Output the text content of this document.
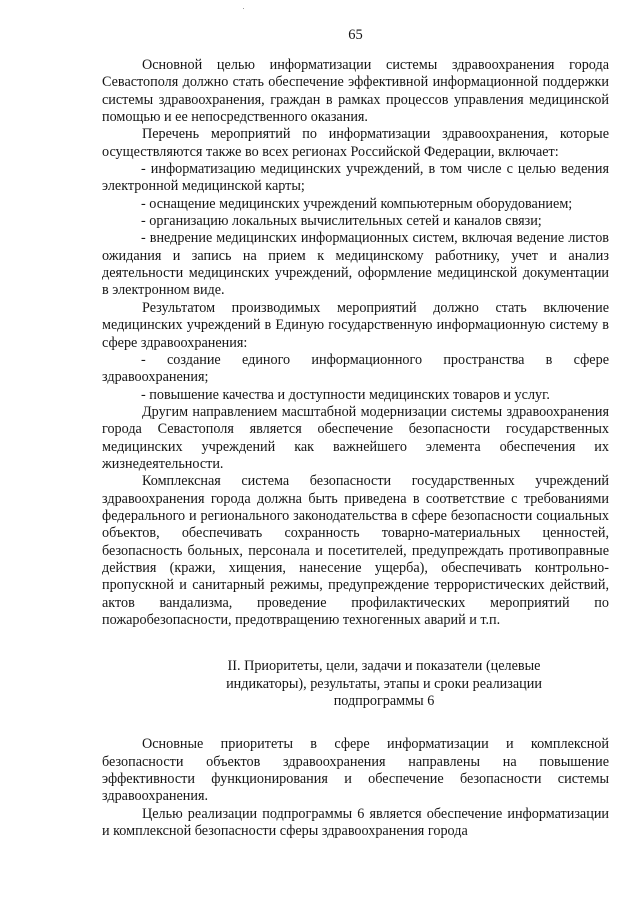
65

Основной целью информатизации системы здравоохранения города Севастополя должно стать обеспечение эффективной информационной поддержки системы здравоохранения, граждан в рамках процессов управления медицинской помощью и ее непосредственного оказания.

Перечень мероприятий по информатизации здравоохранения, которые осуществляются также во всех регионах Российской Федерации, включает:

- информатизацию медицинских учреждений, в том числе с целью ведения электронной медицинской карты;

- оснащение медицинских учреждений компьютерным оборудованием;

- организацию локальных вычислительных сетей и каналов связи;

- внедрение медицинских информационных систем, включая ведение листов ожидания и запись на прием к медицинскому работнику, учет и анализ деятельности медицинских учреждений, оформление медицинской документации в электронном виде.

Результатом производимых мероприятий должно стать включение медицинских учреждений в Единую государственную информационную систему в сфере здравоохранения:

- создание единого информационного пространства в сфере здравоохранения;

- повышение качества и доступности медицинских товаров и услуг.

Другим направлением масштабной модернизации системы здравоохранения города Севастополя является обеспечение безопасности государственных медицинских учреждений как важнейшего элемента обеспечения их жизнедеятельности.

Комплексная система безопасности государственных учреждений здравоохранения города должна быть приведена в соответствие с требованиями федерального и регионального законодательства в сфере безопасности социальных объектов, обеспечивать сохранность товарно-материальных ценностей, безопасность больных, персонала и посетителей, предупреждать противоправные действия (кражи, хищения, нанесение ущерба), обеспечивать контрольно-пропускной и санитарный режимы, предупреждение террористических действий, актов вандализма, проведение профилактических мероприятий по пожаробезопасности, предотвращению техногенных аварий и т.п.

II. Приоритеты, цели, задачи и показатели (целевые индикаторы), результаты, этапы и сроки реализации подпрограммы 6

Основные приоритеты в сфере информатизации и комплексной безопасности объектов здравоохранения направлены на повышение эффективности функционирования и обеспечение безопасности системы здравоохранения.

Целью реализации подпрограммы 6 является обеспечение информатизации и комплексной безопасности сферы здравоохранения города
